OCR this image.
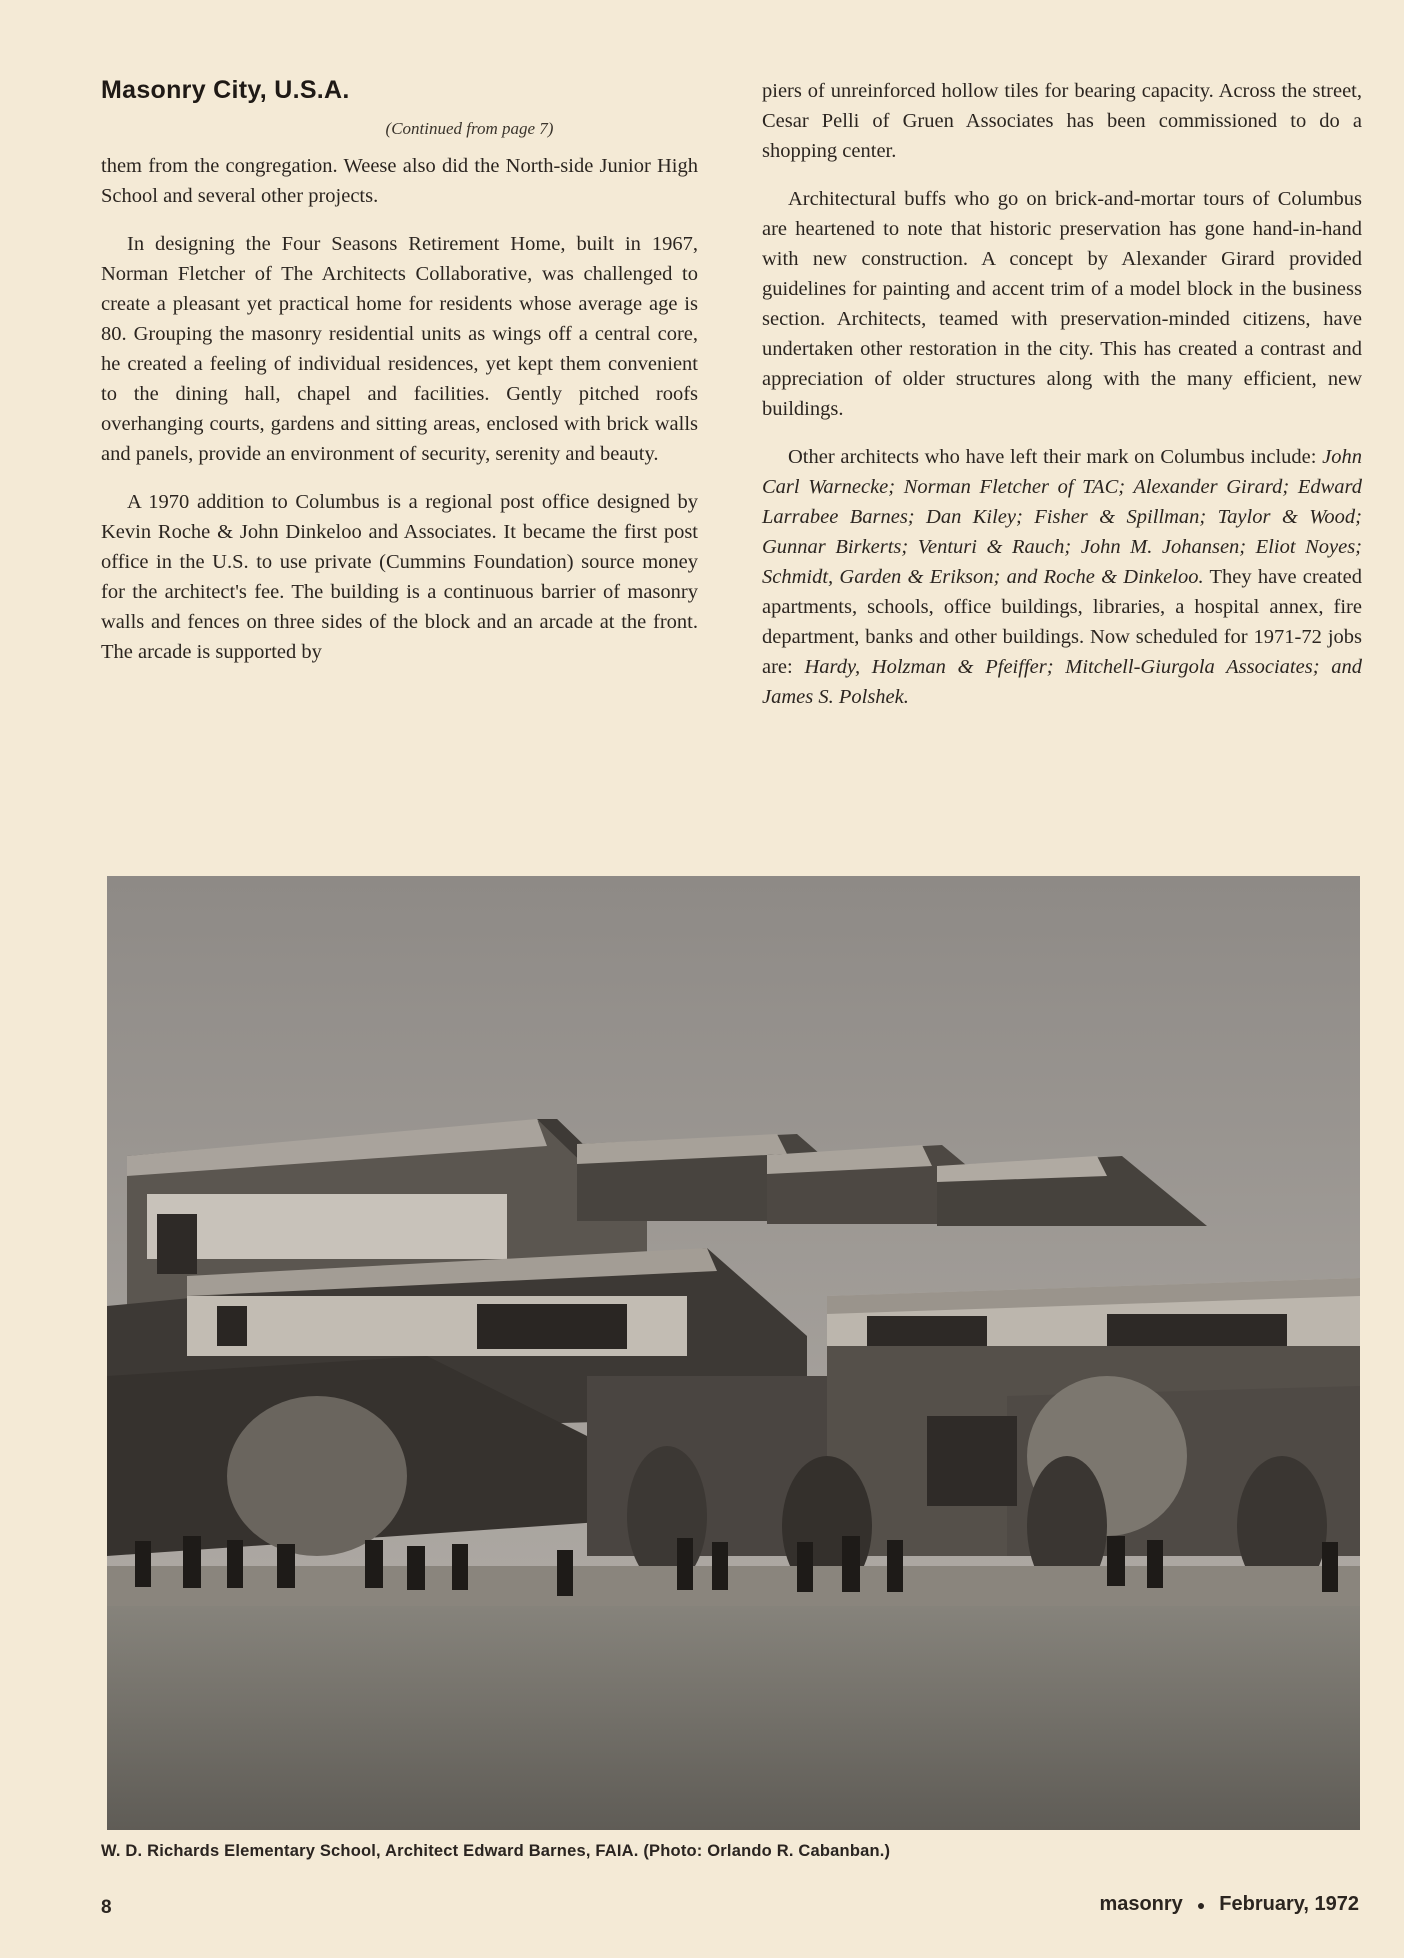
Masonry City, U.S.A.

(Continued from page 7)

them from the congregation. Weese also did the North-side Junior High School and several other projects.

In designing the Four Seasons Retirement Home, built in 1967, Norman Fletcher of The Architects Collaborative, was challenged to create a pleasant yet practical home for residents whose average age is 80. Grouping the masonry residential units as wings off a central core, he created a feeling of individual residences, yet kept them convenient to the dining hall, chapel and facilities. Gently pitched roofs overhanging courts, gardens and sitting areas, enclosed with brick walls and panels, provide an environment of security, serenity and beauty.

A 1970 addition to Columbus is a regional post office designed by Kevin Roche & John Dinkeloo and Associates. It became the first post office in the U.S. to use private (Cummins Foundation) source money for the architect's fee. The building is a continuous barrier of masonry walls and fences on three sides of the block and an arcade at the front. The arcade is supported by

piers of unreinforced hollow tiles for bearing capacity. Across the street, Cesar Pelli of Gruen Associates has been commissioned to do a shopping center.

Architectural buffs who go on brick-and-mortar tours of Columbus are heartened to note that historic preservation has gone hand-in-hand with new construction. A concept by Alexander Girard provided guidelines for painting and accent trim of a model block in the business section. Architects, teamed with preservation-minded citizens, have undertaken other restoration in the city. This has created a contrast and appreciation of older structures along with the many efficient, new buildings.

Other architects who have left their mark on Columbus include: John Carl Warnecke; Norman Fletcher of TAC; Alexander Girard; Edward Larrabee Barnes; Dan Kiley; Fisher & Spillman; Taylor & Wood; Gunnar Birkerts; Venturi & Rauch; John M. Johansen; Eliot Noyes; Schmidt, Garden & Erikson; and Roche & Dinkeloo. They have created apartments, schools, office buildings, libraries, a hospital annex, fire department, banks and other buildings. Now scheduled for 1971-72 jobs are: Hardy, Holzman & Pfeiffer; Mitchell-Giurgola Associates; and James S. Polshek.

W. D. Richards Elementary School, Architect Edward Barnes, FAIA. (Photo: Orlando R. Cabanban.)
8	masonry ● February, 1972
